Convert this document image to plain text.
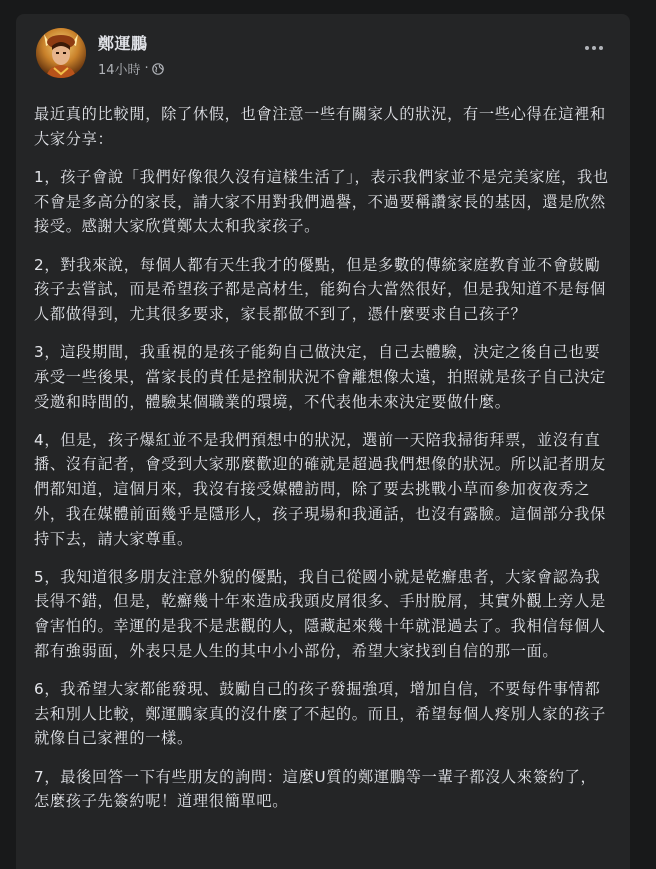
鄭運鵬
14小時 ·

最近真的比較閒，除了休假，也會注意一些有關家人的狀況，有一些心得在這裡和大家分享：

1，孩子會說「我們好像很久沒有這樣生活了」，表示我們家並不是完美家庭，我也不會是多高分的家長，請大家不用對我們過譽，不過要稱讚家長的基因，還是欣然接受。感謝大家欣賞鄭太太和我家孩子。

2，對我來說，每個人都有天生我才的優點，但是多數的傳統家庭教育並不會鼓勵孩子去嘗試，而是希望孩子都是高材生，能夠台大當然很好，但是我知道不是每個人都做得到，尤其很多要求，家長都做不到了，憑什麼要求自己孩子？

3，這段期間，我重視的是孩子能夠自己做決定，自己去體驗，決定之後自己也要承受一些後果，當家長的責任是控制狀況不會離想像太遠，拍照就是孩子自己決定受邀和時間的，體驗某個職業的環境，不代表他未來決定要做什麼。

4，但是，孩子爆紅並不是我們預想中的狀況，選前一天陪我掃街拜票，並沒有直播、沒有記者，會受到大家那麼歡迎的確就是超過我們想像的狀況。所以記者朋友們都知道，這個月來，我沒有接受媒體訪問，除了要去挑戰小草而參加夜夜秀之外，我在媒體前面幾乎是隱形人，孩子現場和我通話，也沒有露臉。這個部分我保持下去，請大家尊重。

5，我知道很多朋友注意外貌的優點，我自己從國小就是乾癬患者，大家會認為我長得不錯，但是，乾癬幾十年來造成我頭皮屑很多、手肘脫屑，其實外觀上旁人是會害怕的。幸運的是我不是悲觀的人，隱藏起來幾十年就混過去了。我相信每個人都有強弱面，外表只是人生的其中小小部份，希望大家找到自信的那一面。

6，我希望大家都能發現、鼓勵自己的孩子發掘強項，增加自信，不要每件事情都去和別人比較，鄭運鵬家真的沒什麼了不起的。而且，希望每個人疼別人家的孩子就像自己家裡的一樣。

7，最後回答一下有些朋友的詢問：這麼U質的鄭運鵬等一輩子都沒人來簽約了，怎麼孩子先簽約呢！道理很簡單吧。
